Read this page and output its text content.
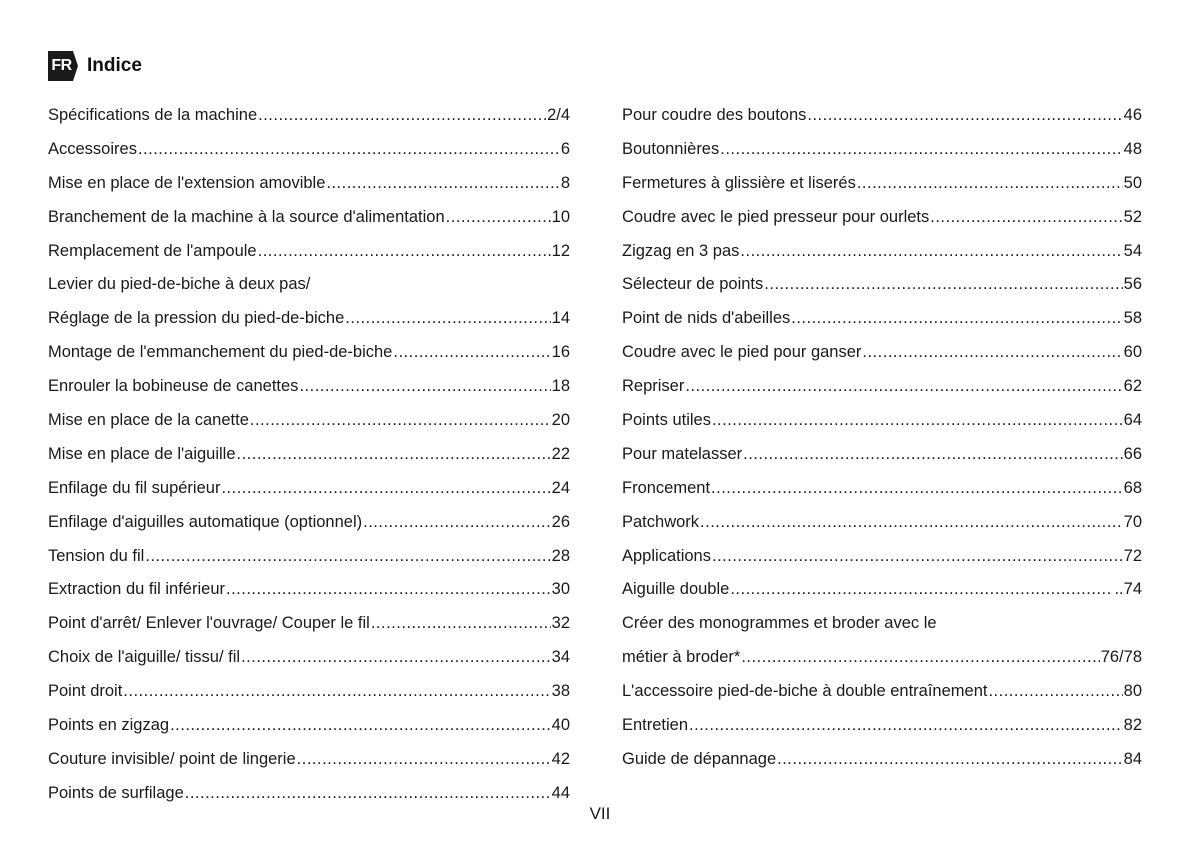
FR Indice
Spécifications de la machine .....	2/4
Accessoires .....	6
Mise en place de l'extension amovible .....	8
Branchement de la machine à la source d'alimentation .....	10
Remplacement de l'ampoule .....	12
Levier du pied-de-biche à deux pas/
Réglage de la pression du pied-de-biche .....	14
Montage de l'emmanchement du pied-de-biche .....	16
Enrouler la bobineuse de canettes .....	18
Mise en place de la canette .....	20
Mise en place de l'aiguille .....	22
Enfilage du fil supérieur .....	24
Enfilage d'aiguilles automatique (optionnel) .....	26
Tension du fil .....	28
Extraction du fil inférieur .....	30
Point d'arrêt/ Enlever l'ouvrage/ Couper le fil .....	32
Choix de l'aiguille/ tissu/ fil .....	34
Point droit .....	38
Points en zigzag .....	40
Couture invisible/ point de lingerie .....	42
Points de surfilage .....	44
Pour coudre des boutons .....	46
Boutonnières .....	48
Fermetures à glissière et liserés .....	50
Coudre avec le pied presseur pour ourlets .....	52
Zigzag en 3 pas .....	54
Sélecteur de points .....	56
Point de nids d'abeilles .....	58
Coudre avec le pied pour ganser .....	60
Repriser .....	62
Points utiles .....	64
Pour matelasser .....	66
Froncement .....	68
Patchwork .....	70
Applications .....	72
Aiguille double .....	..74
Créer des monogrammes et broder avec le
métier à broder* .....	76/78
L'accessoire pied-de-biche à double entraînement .....	80
Entretien .....	82
Guide de dépannage .....	84
VII
